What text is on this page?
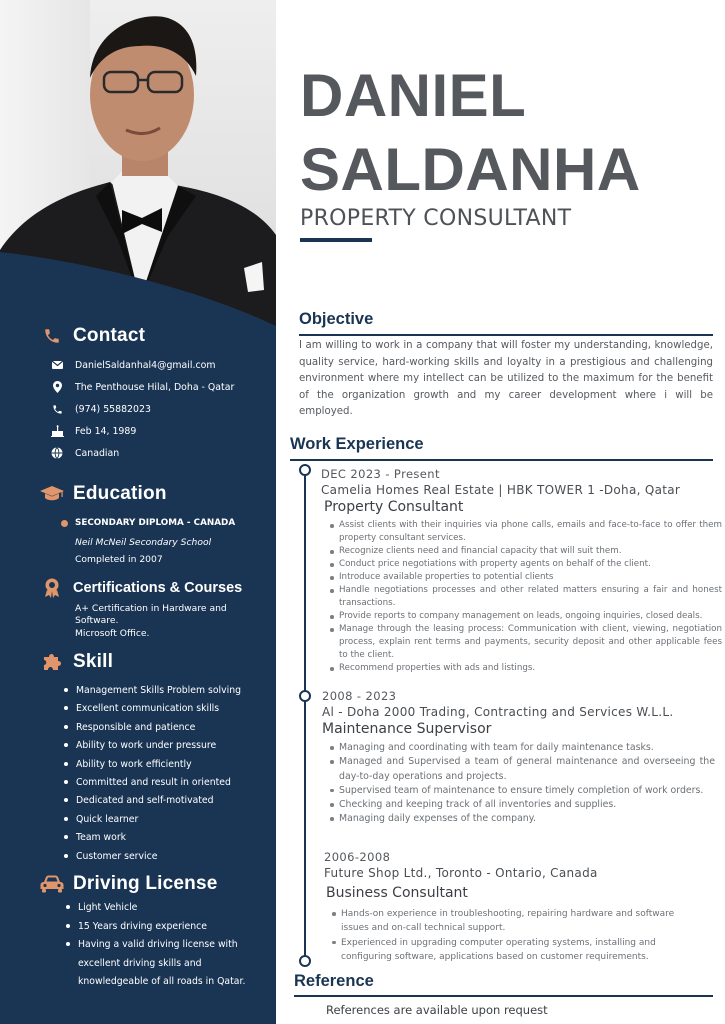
Contact
DanielSaldanhal4@gmail.com
The Penthouse Hilal, Doha - Qatar
(974) 55882023
Feb 14, 1989
Canadian
Education
SECONDARY DIPLOMA - CANADA
Neil McNeil Secondary School
Completed in 2007
Certifications & Courses
A+ Certification in Hardware and
Software.
Microsoft Office.
Skill
Management Skills Problem solving
Excellent communication skills
Responsible and patience
Ability to work under pressure
Ability to work efficiently
Committed and result in oriented
Dedicated and self-motivated
Quick learner
Team work
Customer service
Driving License
Light Vehicle
15 Years driving experience
Having a valid driving license with excellent driving skills and knowledgeable of all roads in Qatar.
DANIEL
SALDANHA
PROPERTY CONSULTANT
Objective
I am willing to work in a company that will foster my understanding, knowledge, quality service, hard-working skills and loyalty in a prestigious and challenging environment where my intellect can be utilized to the maximum for the benefit of the organization growth and my career development where i will be employed.
Work Experience
DEC 2023 - Present
Camelia Homes Real Estate | HBK TOWER 1 -Doha, Qatar
Property Consultant
Assist clients with their inquiries via phone calls, emails and face-to-face to offer them property consultant services.
Recognize clients need and financial capacity that will suit them.
Conduct price negotiations with property agents on behalf of the client.
Introduce available properties to potential clients
Handle negotiations processes and other related matters ensuring a fair and honest transactions.
Provide reports to company management on leads, ongoing inquiries, closed deals.
Manage through the leasing process: Communication with client, viewing, negotiation process, explain rent terms and payments, security deposit and other applicable fees to the client.
Recommend properties with ads and listings.
2008 - 2023
Al - Doha 2000 Trading, Contracting and Services W.L.L.
Maintenance Supervisor
Managing and coordinating with team for daily maintenance tasks.
Managed and Supervised a team of general maintenance and overseeing the day-to-day operations and projects.
Supervised team of maintenance to ensure timely completion of work orders.
Checking and keeping track of all inventories and supplies.
Managing daily expenses of the company.
2006-2008
Future Shop Ltd., Toronto - Ontario, Canada
Business Consultant
Hands-on experience in troubleshooting, repairing hardware and software issues and on-call technical support.
Experienced in upgrading computer operating systems, installing and configuring software, applications based on customer requirements.
Reference
References are available upon request
